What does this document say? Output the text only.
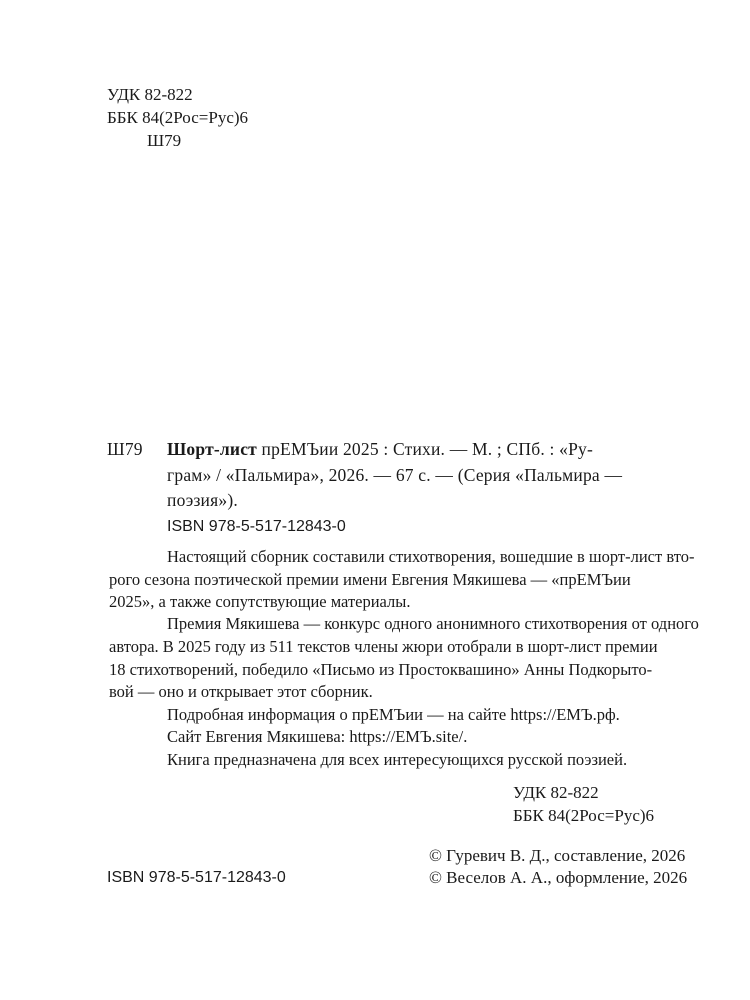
УДК 82-822

ББК 84(2Рос=Рус)6

Ш79

Ш79 Шорт-лист прЕМЪии 2025 : Стихи. — М. ; СПб. : «Ру-

грам» / «Пальмира», 2026. — 67 с. — (Серия «Пальмира —

поэзия»).

ISBN 978-5-517-12843-0

Настоящий сборник составили стихотворения, вошедшие в шорт-лист вто-

рого сезона поэтической премии имени Евгения Мякишева — «прЕМЪии

2025», а также сопутствующие материалы.

Премия Мякишева — конкурс одного анонимного стихотворения от одного

автора. В 2025 году из 511 текстов члены жюри отобрали в шорт-лист премии

18 стихотворений, победило «Письмо из Простоквашино» Анны Подкорыто-

вой — оно и открывает этот сборник.

Подробная информация о прЕМЪии — на сайте https://ЕМЪ.рф.

Сайт Евгения Мякишева: https://ЕМЪ.site/.

Книга предназначена для всех интересующихся русской поэзией.

УДК 82-822

ББК 84(2Рос=Рус)6

© Гуревич В. Д., составление, 2026

ISBN 978-5-517-12843-0	© Веселов А. А., оформление, 2026
